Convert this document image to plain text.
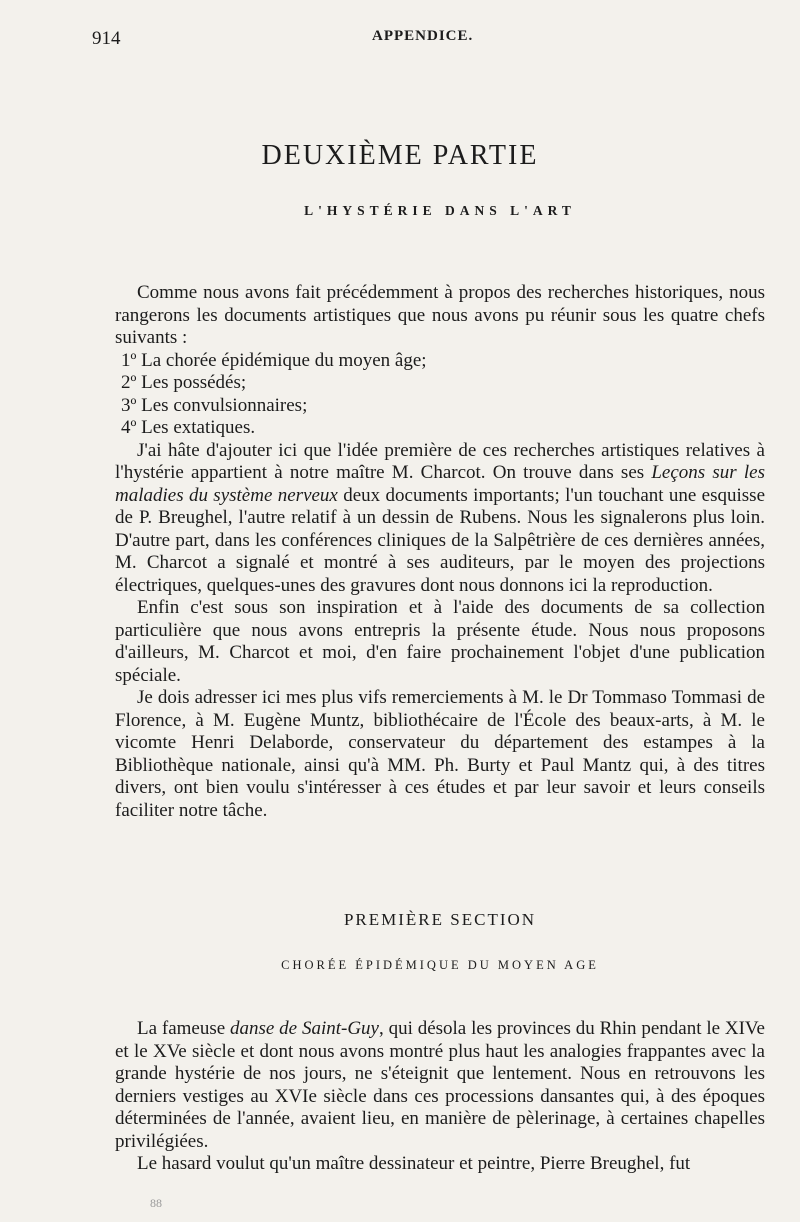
914	APPENDICE.
DEUXIÈME PARTIE
L'HYSTÉRIE DANS L'ART

Comme nous avons fait précédemment à propos des recherches historiques, nous rangerons les documents artistiques que nous avons pu réunir sous les quatre chefs suivants :

1º La chorée épidémique du moyen âge;
2º Les possédés;
3º Les convulsionnaires;
4º Les extatiques.

J'ai hâte d'ajouter ici que l'idée première de ces recherches artistiques relatives à l'hystérie appartient à notre maître M. Charcot. On trouve dans ses Leçons sur les maladies du système nerveux deux documents importants; l'un touchant une esquisse de P. Breughel, l'autre relatif à un dessin de Rubens. Nous les signalerons plus loin. D'autre part, dans les conférences cliniques de la Salpêtrière de ces dernières années, M. Charcot a signalé et montré à ses auditeurs, par le moyen des projections électriques, quelques-unes des gravures dont nous donnons ici la reproduction.

Enfin c'est sous son inspiration et à l'aide des documents de sa collection particulière que nous avons entrepris la présente étude. Nous nous proposons d'ailleurs, M. Charcot et moi, d'en faire prochainement l'objet d'une publication spéciale.

Je dois adresser ici mes plus vifs remerciements à M. le Dr Tommaso Tommasi de Florence, à M. Eugène Muntz, bibliothécaire de l'École des beaux-arts, à M. le vicomte Henri Delaborde, conservateur du département des estampes à la Bibliothèque nationale, ainsi qu'à MM. Ph. Burty et Paul Mantz qui, à des titres divers, ont bien voulu s'intéresser à ces études et par leur savoir et leurs conseils faciliter notre tâche.

PREMIÈRE SECTION
CHORÉE ÉPIDÉMIQUE DU MOYEN AGE

La fameuse danse de Saint-Guy, qui désola les provinces du Rhin pendant le XIVe et le XVe siècle et dont nous avons montré plus haut les analogies frappantes avec la grande hystérie de nos jours, ne s'éteignit que lentement. Nous en retrouvons les derniers vestiges au XVIe siècle dans ces processions dansantes qui, à des époques déterminées de l'année, avaient lieu, en manière de pèlerinage, à certaines chapelles privilégiées.

Le hasard voulut qu'un maître dessinateur et peintre, Pierre Breughel, fut

88
